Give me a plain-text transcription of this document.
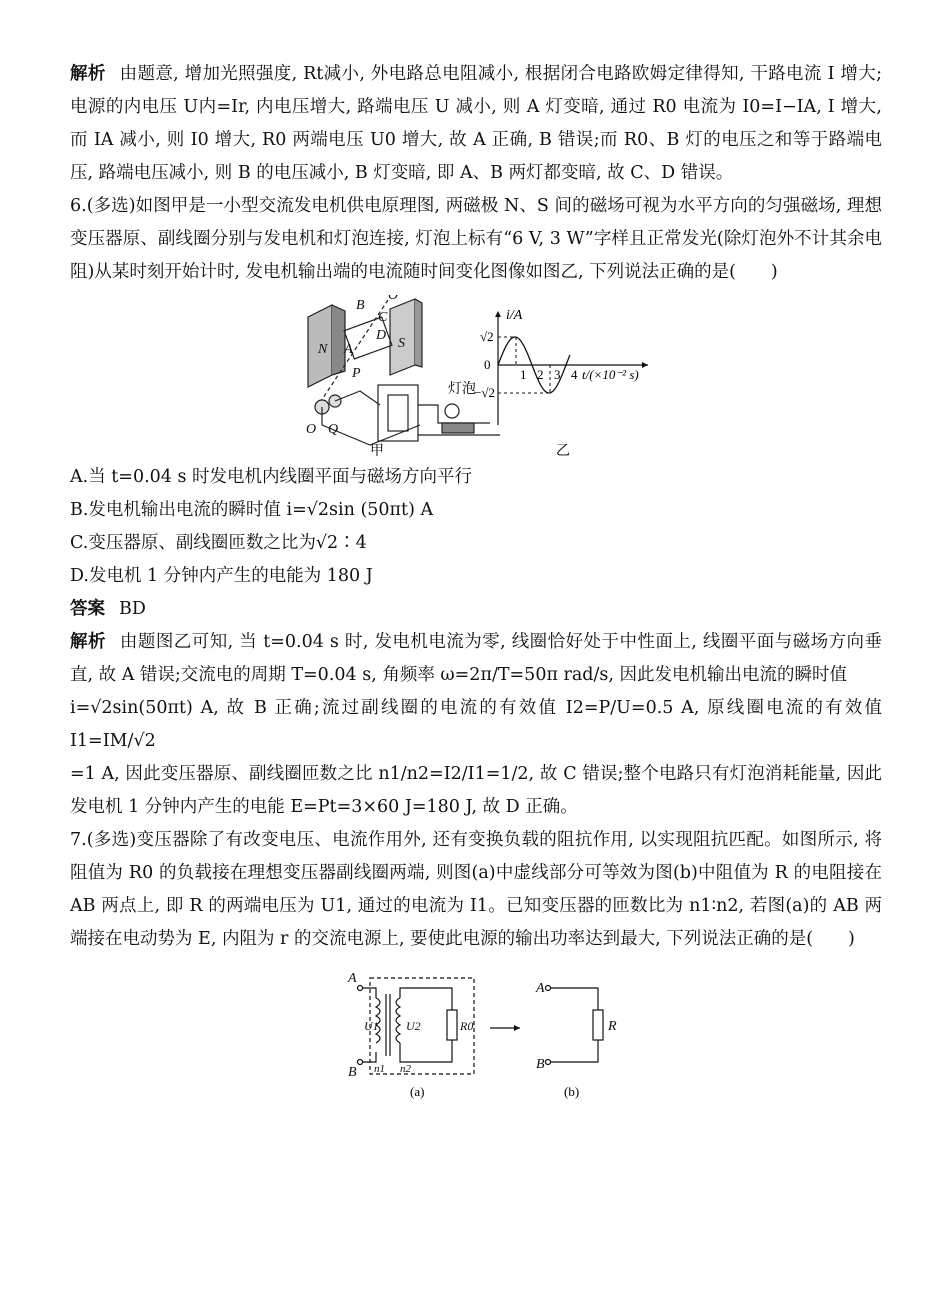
解析 由题意, 增加光照强度, Rt减小, 外电路总电阻减小, 根据闭合电路欧姆定律得知, 干路电流 I 增大;电源的内电压 U内=Ir, 内电压增大, 路端电压 U 减小, 则 A 灯变暗, 通过 R0 电流为 I0=I−IA, I 增大, 而 IA 减小, 则 I0 增大, R0 两端电压 U0 增大, 故 A 正确, B 错误;而 R0、B 灯的电压之和等于路端电压, 路端电压减小, 则 B 的电压减小, B 灯变暗, 即 A、B 两灯都变暗, 故 C、D 错误。

6.(多选)如图甲是一小型交流发电机供电原理图, 两磁极 N、S 间的磁场可视为水平方向的匀强磁场, 理想变压器原、副线圈分别与发电机和灯泡连接, 灯泡上标有“6 V, 3 W”字样且正常发光(除灯泡外不计其余电阻)从某时刻开始计时, 发电机输出端的电流随时间变化图像如图乙, 下列说法正确的是(　　)

N	S
B
O′
C
D
A
P
O Q
灯泡
甲
i/A
√2
0
−√2
1 2 3 4 t/(×10⁻² s)
乙

A.当 t=0.04 s 时发电机内线圈平面与磁场方向平行

B.发电机输出电流的瞬时值 i=√2sin (50πt) A

C.变压器原、副线圈匝数之比为√2∶4

D.发电机 1 分钟内产生的电能为 180 J

答案 BD

解析 由题图乙可知, 当 t=0.04 s 时, 发电机电流为零, 线圈恰好处于中性面上, 线圈平面与磁场方向垂直, 故 A 错误;交流电的周期 T=0.04 s, 角频率 ω=2π/T=50π rad/s, 因此发电机输出电流的瞬时值

i=√2sin(50πt) A, 故 B 正确;流过副线圈的电流的有效值 I2=P/U=0.5 A, 原线圈电流的有效值 I1=IM/√2

=1 A, 因此变压器原、副线圈匝数之比 n1/n2=I2/I1=1/2, 故 C 错误;整个电路只有灯泡消耗能量, 因此发电机 1 分钟内产生的电能 E=Pt=3×60 J=180 J, 故 D 正确。

7.(多选)变压器除了有改变电压、电流作用外, 还有变换负载的阻抗作用, 以实现阻抗匹配。如图所示, 将阻值为 R0 的负载接在理想变压器副线圈两端, 则图(a)中虚线部分可等效为图(b)中阻值为 R 的电阻接在 AB 两点上, 即 R 的两端电压为 U1, 通过的电流为 I1。已知变压器的匝数比为 n1∶n2, 若图(a)的 AB 两端接在电动势为 E, 内阻为 r 的交流电源上, 要使此电源的输出功率达到最大, 下列说法正确的是(　　)

A
B
U1 U2	R0
n1 n2
A
B
R
(a)	(b)
